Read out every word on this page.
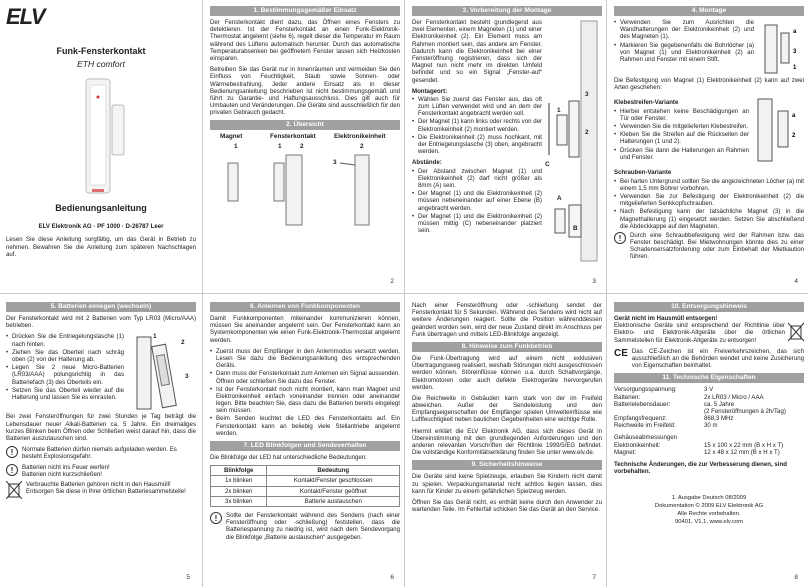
ELV
Funk-Fensterkontakt
ETH comfort
Bedienungsanleitung
ELV Elektronik AG · PF 1000 · D-26787 Leer

Lesen Sie diese Anleitung sorgfältig, um das Gerät in Betrieb zu nehmen. Bewahren Sie die Anleitung zum späteren Nachschlagen auf.

1. Bestimmungsgemäßer Einsatz

Der Fensterkontakt dient dazu, das Öffnen eines Fensters zu detektieren. Ist der Fensterkontakt an einen Funk-Elektronik-Thermostat angelernt (siehe 6), regelt dieser die Temperatur im Raum während des Lüftens automatisch herunter. Durch das automatische Temperaturabsenken bei geöffnetem Fenster lassen sich Heizkosten einsparen.

Betreiben Sie das Gerät nur in Innenräumen und vermeiden Sie den Einfluss von Feuchtigkeit, Staub sowie Sonnen- oder Wärmebestrahlung. Jeder andere Einsatz als in dieser Bedienungsanleitung beschrieben ist nicht bestimmungsgemäß und führt zu Garantie- und Haftungsausschluss. Dies gilt auch für Umbauten und Veränderungen. Die Geräte sind ausschließlich für den privaten Gebrauch gedacht.

2. Übersicht
Magnet	Fensterkontakt	Elektronikeinheit
1	1	2	2
3
2
3. Vorbereitung der Montage

Der Fensterkontakt besteht grundlegend aus zwei Elementen, einem Magneten (1) und einer Elektronikeinheit (2). Ein Element muss am Rahmen montiert sein, das andere am Fenster. Dadurch kann die Elektronikeinheit bei einer Fensteröffnung registrieren, dass sich der Magnet nun nicht mehr im direkten Umfeld befindet und so ein Signal „Fenster-auf“ gesendet.

Montageort:
• Wählen Sie zuerst das Fenster aus, das oft zum Lüften verwendet wird und an dem der Fensterkontakt angebracht werden soll.
• Der Magnet (1) kann links oder rechts von der Elektronikeinheit (2) montiert werden.
• Die Elektronikeinheit (2) muss hochkant, mit der Entriegelungslasche (3) oben, angebracht werden.
Abstände:
• Der Abstand zwischen Magnet (1) und Elektronikeinheit (2) darf nicht größer als 8mm (A) sein.
• Der Magnet (1) und die Elektronikeinheit (2) müssen nebeneinander auf einer Ebene (B) angebracht werden.
• Der Magnet (1) und die Elektronikeinheit (2) müssen mittig (C) nebeneinander platziert sein.
3
1
2
C
A
B
3
4. Montage
• Verwenden Sie zum Ausrichten die Wandhalterungen der Elektronikeinheit (2) und des Magneten (1).
• Markieren Sie gegebenenfalls die Bohrlöcher (a) von Magnet (1) und Elektronikeinheit (2) an Rahmen und Fenster mit einem Stift.
a
3
1

Die Befestigung von Magnet (1) Elektronikeinheit (2) kann auf zwei Arten geschehen:

Klebestreifen-Variante
• Hierbei entstehen keine Beschädigungen an Tür oder Fenster.
• Verwenden Sie die mitgelieferten Klebestreifen.
• Kleben Sie die Streifen auf die Rückseiten der Halterungen (1 und 2).
• Drücken Sie dann die Halterungen an Rahmen und Fenster.
a
2
Schrauben-Variante
• Bei harten Untergrund sollten Sie die angezeichneten Löcher (a) mit einem 1,5 mm Bohrer vorbohren.
• Verwenden Sie zur Befestigung der Elektronikeinheit (2) die mitgelieferten Senkkopfschrauben.
• Nach Befestigung kann der tatsächliche Magnet (3) in die Magnethalterung (1) eingesetzt werden. Setzen Sie abschließend die Abdeckkappe auf den Magneten.
!	Durch eine Schraubbefestigung wird der Rahmen bzw. das Fenster beschädigt. Bei Mietwohnungen könnte dies zu einer Schadensersatzforderung oder zum Einbehalt der Mietkaution führen.
4
5. Batterien einlegen (wechseln)

Der Fensterkontakt wird mit 2 Batterien vom Typ LR03 (Micro/AAA) betrieben.

• Drücken Sie die Entriegelungslasche (1) nach hinten.
• Ziehen Sie das Oberteil nach schräg oben (2) von der Halterung ab.
• Legen Sie 2 neue Micro-Batterien (LR03/AAA) polungsrichtig in das Batteriefach (3) des Oberteils ein.
• Setzen Sie das Oberteil wieder auf die Halterung und lassen Sie es einrasten.
1
2
3

Bei zwei Fensteröffnungen für zwei Stunden je Tag beträgt die Lebensdauer neuer Alkali-Batterien ca. 5 Jahre. Ein dreimaliges kurzes Blinken beim Öffnen oder Schließen weist darauf hin, dass die Batterien auszutauschen sind.

!	Normale Batterien dürfen niemals aufgeladen werden. Es besteht Explosionsgefahr.
!	Batterien nicht ins Feuer werfen!
Batterien nicht kurzschließen!
Verbrauchte Batterien gehören nicht in den Hausmüll! Entsorgen Sie diese in Ihrer örtlichen Batteriesammelstelle!
5
6. Anlernen von Funkkomponenten

Damit Funkkomponenten miteinander kommunizieren können, müssen Sie aneinander angelernt sein. Der Fensterkontakt kann an Systemkomponenten wie einen Funk-Elektronik-Thermostat angelernt werden.

• Zuerst muss der Empfänger in den Anlernmodus versetzt werden. Lesen Sie dazu die Bedienungsanleitung des entsprechenden Geräts.
• Dann muss der Fensterkontakt zum Anlernen ein Signal aussenden. Öffnen oder schließen Sie dazu das Fenster.
• Ist der Fensterkontakt noch nicht montiert, kann man Magnet und Elektronikeinheit einfach voneinander trennen oder aneinander legen. Bitte beachten Sie, dass dazu die Batterien bereits eingelegt sein müssen.
• Beim Senden leuchtet die LED des Fensterkontakts auf. Ein Fensterkontakt kann an beliebig viele Stellantriebe angelernt werden.
7. LED Blinkfolgen und Sendeverhalten

Die Blinkfolge der LED hat unterschiedliche Bedeutungen:

Blinkfolge	Bedeutung
1x blinken	Kontakt/Fenster geschlossen
2x blinken	Kontakt/Fenster geöffnet
3x blinken	Batterie austauschen
!	Sollte der Fensterkontakt während des Sendens (nach einer Fensteröffnung oder -schließung) feststellen, dass die Batteriespannung zu niedrig ist, wird nach dem Sendevorgang die Blinkfolge „Batterie austauschen“ ausgegeben.
6

Nach einer Fensteröffnung oder -schließung sendet der Fensterkontakt für 5 Sekunden. Während des Sendens wird nicht auf weitere Änderungen reagiert. Sollte die Position währenddessen geändert worden sein, wird der neue Zustand direkt im Anschluss per Funk übertragen und mittels LED-Blinkfolge angezeigt.

8. Hinweise zum Funkbetrieb

Die Funk-Übertragung wird auf einem nicht exklusiven Übertragungsweg realisiert, weshalb Störungen nicht ausgeschlossen werden können. Störeinflüsse können u.a. durch Schaltvorgänge, Elektromotoren oder auch defekte Elektrogeräte hervorgerufen werden.

Die Reichweite in Gebäuden kann stark von der im Freifeld abweichen. Außer der Sendeleistung und den Empfangseigenschaften der Empfänger spielen Umwelteinflüsse wie Luftfeuchtigkeit neben baulichen Gegebenheiten eine wichtige Rolle.

Hiermit erklärt die ELV Elektronik AG, dass sich dieses Gerät in Übereinstimmung mit den grundlegenden Anforderungen und den anderen relevanten Vorschriften der Richtlinie 1999/5/EG befindet. Die vollständige Konformitätserklärung finden Sie unter www.elv.de.

9. Sicherheitshinweise

Die Geräte sind keine Spielzeuge, erlauben Sie Kindern nicht damit zu spielen. Verpackungsmaterial nicht achtlos liegen lassen, dies kann für Kinder zu einem gefährlichen Spielzeug werden.

Öffnen Sie das Gerät nicht, es enthält keine durch den Anwender zu wartenden Teile. Im Fehlerfall schicken Sie das Gerät an den Service.

7
10. Entsorgungshinweis
Gerät nicht im Hausmüll entsorgen!

Elektronische Geräte sind entsprechend der Richtlinie über Elektro- und Elektronik-Altgeräte über die örtlichen Sammelstellen für Elektronik-Altgeräte zu entsorgen!

CE Das CE-Zeichen ist ein Freiverkehrszeichen, das sich ausschließlich an die Behörden wendet und keine Zusicherung von Eigenschaften beinhaltet.

11. Technische Eigenschaften
Versorgungsspannung:	3 V
Batterien:	2x LR03 / Micro / AAA
Batterielebensdauer:	ca. 5 Jahre
(2 Fensteröffnungen à 2h/Tag)
Empfangsfrequenz:	868,3 MHz
Reichweite im Freifeld:	30 m
Gehäuseabmessungen
Elektronikeinheit:	15 x 100 x 22 mm (B x H x T)
Magnet:	12 x 48 x 12 mm (B x H x T)
Technische Änderungen, die zur Verbesserung dienen, sind vorbehalten.
1. Ausgabe Deutsch 08/2009
Dokumentation © 2009 ELV Elektronik AG
Alle Rechte vorbehalten.
90401, V1.1, www.elv.com
8
